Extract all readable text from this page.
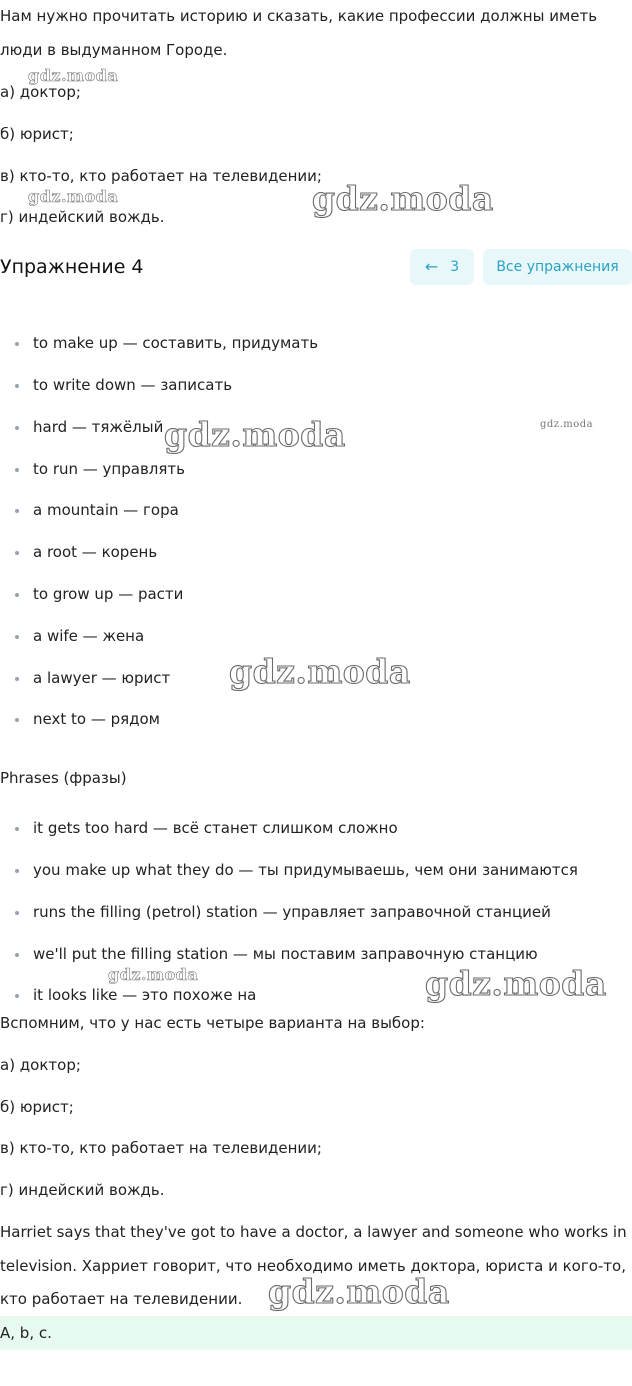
Нам нужно прочитать историю и сказать, какие профессии должны иметь
люди в выдуманном Городе.
а) доктор;
б) юрист;
в) кто-то, кто работает на телевидении;
г) индейский вождь.
Упражнение 4	← 3	Все упражнения
to make up — составить, придумать
to write down — записать
hard — тяжёлый
to run — управлять
a mountain — гора
a root — корень
to grow up — расти
a wife — жена
a lawyer — юрист
next to — рядом
Phrases (фразы)
it gets too hard — всё станет слишком сложно
you make up what they do — ты придумываешь, чем они занимаются
runs the filling (petrol) station — управляет заправочной станцией
we'll put the filling station — мы поставим заправочную станцию
it looks like — это похоже на
Вспомним, что у нас есть четыре варианта на выбор:
а) доктор;
б) юрист;
в) кто-то, кто работает на телевидении;
г) индейский вождь.
Harriet says that they've got to have a doctor, a lawyer and someone who works in
television. Харриет говорит, что необходимо иметь доктора, юриста и кого-то,
кто работает на телевидении.
A, b, c.
gdz.moda
gdz.moda	gdz.moda
gdz.moda	gdz.moda
gdz.moda
gdz.moda	gdz.moda
gdz.moda
